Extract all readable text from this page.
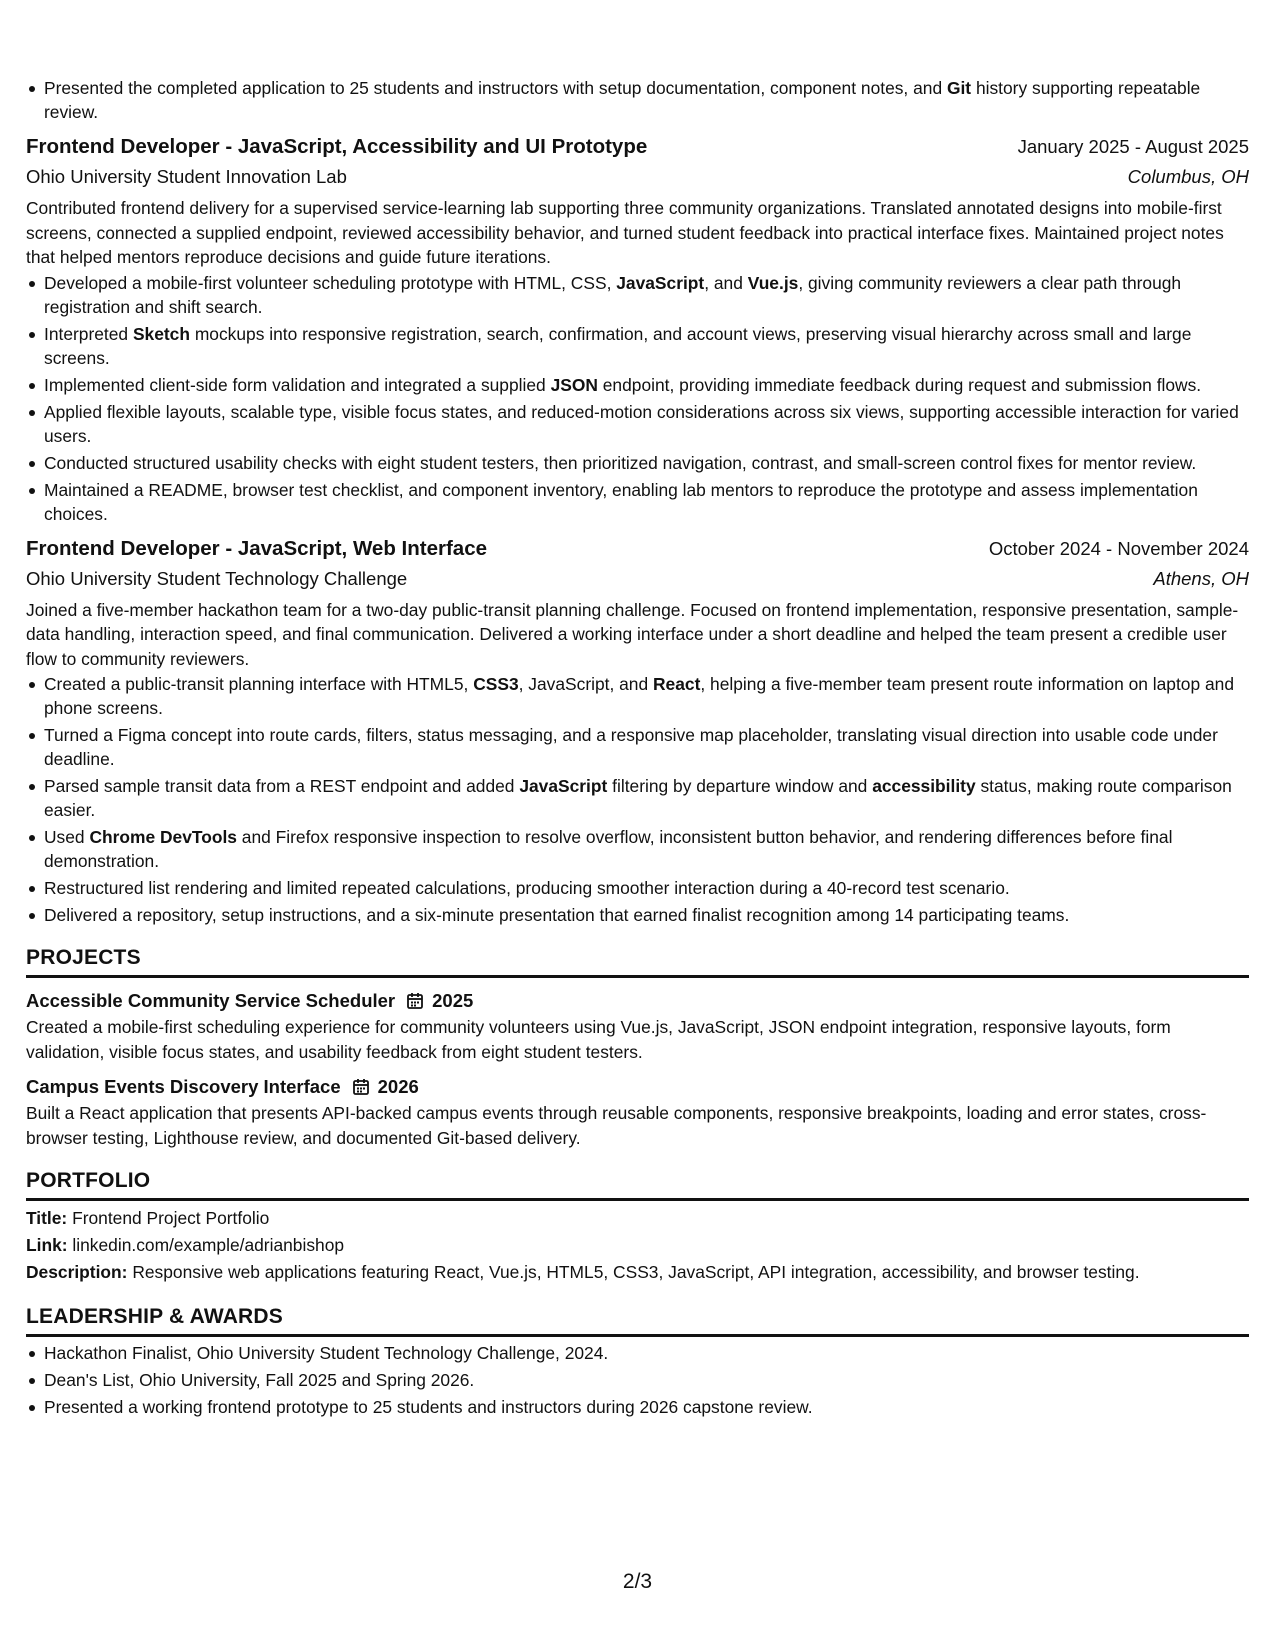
Presented the completed application to 25 students and instructors with setup documentation, component notes, and Git history supporting repeatable review.
Frontend Developer - JavaScript, Accessibility and UI Prototype	January 2025 - August 2025
Ohio University Student Innovation Lab	Columbus, OH
Contributed frontend delivery for a supervised service-learning lab supporting three community organizations. Translated annotated designs into mobile-first screens, connected a supplied endpoint, reviewed accessibility behavior, and turned student feedback into practical interface fixes. Maintained project notes that helped mentors reproduce decisions and guide future iterations.
Developed a mobile-first volunteer scheduling prototype with HTML, CSS, JavaScript, and Vue.js, giving community reviewers a clear path through registration and shift search.
Interpreted Sketch mockups into responsive registration, search, confirmation, and account views, preserving visual hierarchy across small and large screens.
Implemented client-side form validation and integrated a supplied JSON endpoint, providing immediate feedback during request and submission flows.
Applied flexible layouts, scalable type, visible focus states, and reduced-motion considerations across six views, supporting accessible interaction for varied users.
Conducted structured usability checks with eight student testers, then prioritized navigation, contrast, and small-screen control fixes for mentor review.
Maintained a README, browser test checklist, and component inventory, enabling lab mentors to reproduce the prototype and assess implementation choices.
Frontend Developer - JavaScript, Web Interface	October 2024 - November 2024
Ohio University Student Technology Challenge	Athens, OH
Joined a five-member hackathon team for a two-day public-transit planning challenge. Focused on frontend implementation, responsive presentation, sample-data handling, interaction speed, and final communication. Delivered a working interface under a short deadline and helped the team present a credible user flow to community reviewers.
Created a public-transit planning interface with HTML5, CSS3, JavaScript, and React, helping a five-member team present route information on laptop and phone screens.
Turned a Figma concept into route cards, filters, status messaging, and a responsive map placeholder, translating visual direction into usable code under deadline.
Parsed sample transit data from a REST endpoint and added JavaScript filtering by departure window and accessibility status, making route comparison easier.
Used Chrome DevTools and Firefox responsive inspection to resolve overflow, inconsistent button behavior, and rendering differences before final demonstration.
Restructured list rendering and limited repeated calculations, producing smoother interaction during a 40-record test scenario.
Delivered a repository, setup instructions, and a six-minute presentation that earned finalist recognition among 14 participating teams.
PROJECTS
Accessible Community Service Scheduler 2025
Created a mobile-first scheduling experience for community volunteers using Vue.js, JavaScript, JSON endpoint integration, responsive layouts, form validation, visible focus states, and usability feedback from eight student testers.
Campus Events Discovery Interface 2026
Built a React application that presents API-backed campus events through reusable components, responsive breakpoints, loading and error states, cross-browser testing, Lighthouse review, and documented Git-based delivery.
PORTFOLIO
Title: Frontend Project Portfolio
Link: linkedin.com/example/adrianbishop
Description: Responsive web applications featuring React, Vue.js, HTML5, CSS3, JavaScript, API integration, accessibility, and browser testing.
LEADERSHIP & AWARDS
Hackathon Finalist, Ohio University Student Technology Challenge, 2024.
Dean's List, Ohio University, Fall 2025 and Spring 2026.
Presented a working frontend prototype to 25 students and instructors during 2026 capstone review.
2/3
